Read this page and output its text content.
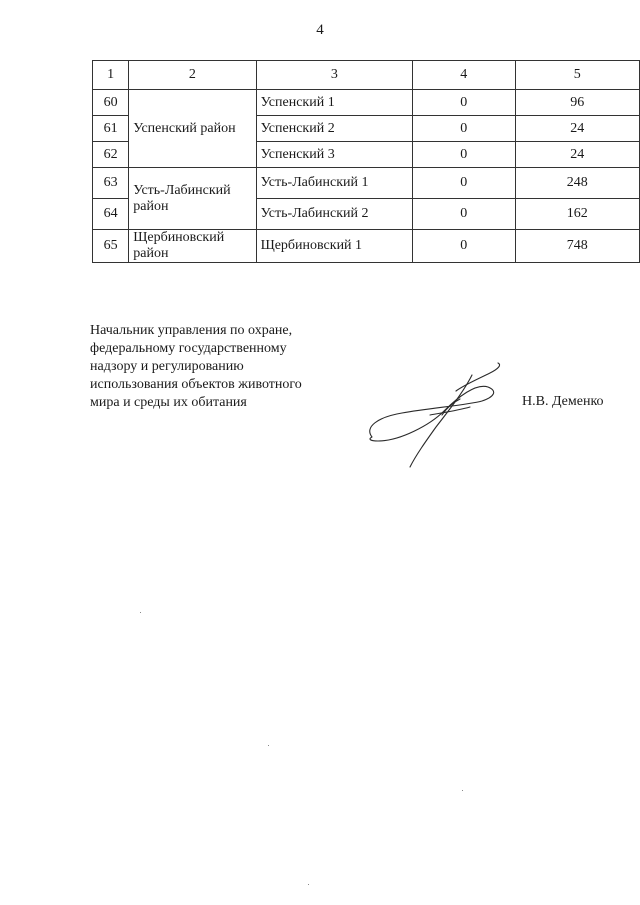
4
1	2	3	4	5
60	Успенский район	Успенский 1	0	96
61		Успенский 2	0	24
62		Успенский 3	0	24
63	Усть-Лабинский район	Усть-Лабинский 1	0	248
64		Усть-Лабинский 2	0	162
65	Щербиновский район	Щербиновский 1	0	748
Начальник управления по охране,
федеральному государственному
надзору и регулированию
использования объектов животного
мира и среды их обитания	Н.В. Деменко
